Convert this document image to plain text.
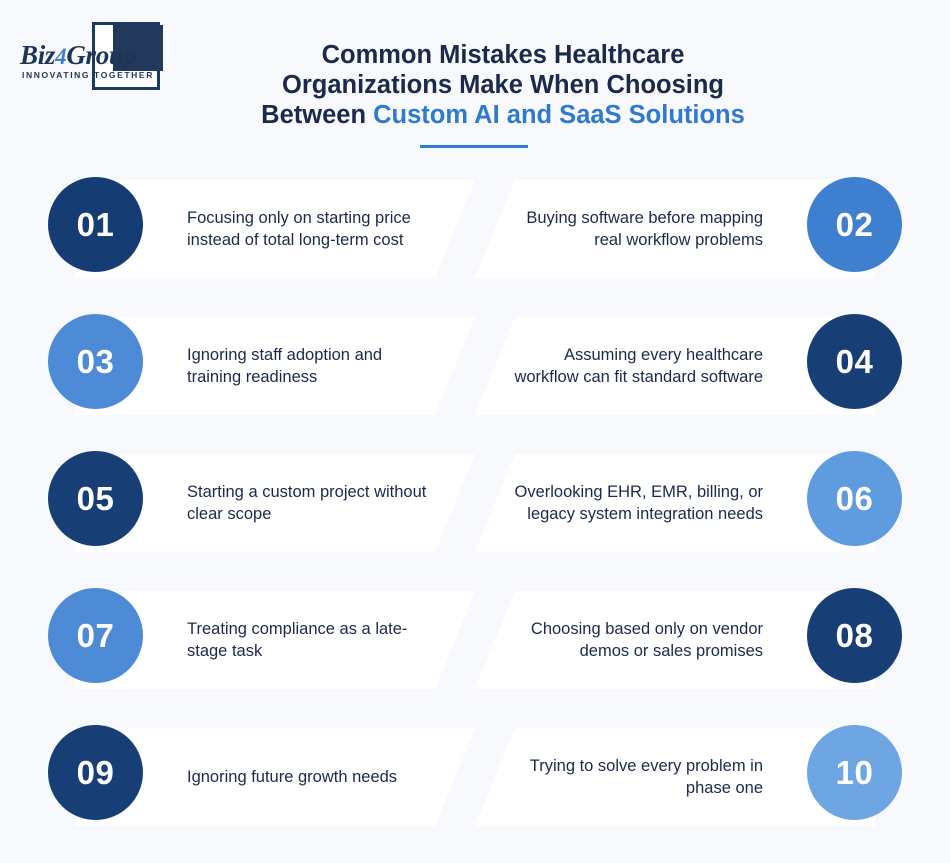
Biz4Group
INNOVATING TOGETHER
Common Mistakes Healthcare
Organizations Make When Choosing
Between Custom AI and SaaS Solutions
01	Focusing only on starting price instead of total long-term cost	02
Buying software before mapping real workflow problems
03	Ignoring staff adoption and training readiness	04
Assuming every healthcare workflow can fit standard software
05	Starting a custom project without clear scope	06
Overlooking EHR, EMR, billing, or legacy system integration needs
07	Treating compliance as a late-stage task	08
Choosing based only on vendor demos or sales promises
09	Ignoring future growth needs	10
Trying to solve every problem in phase one
